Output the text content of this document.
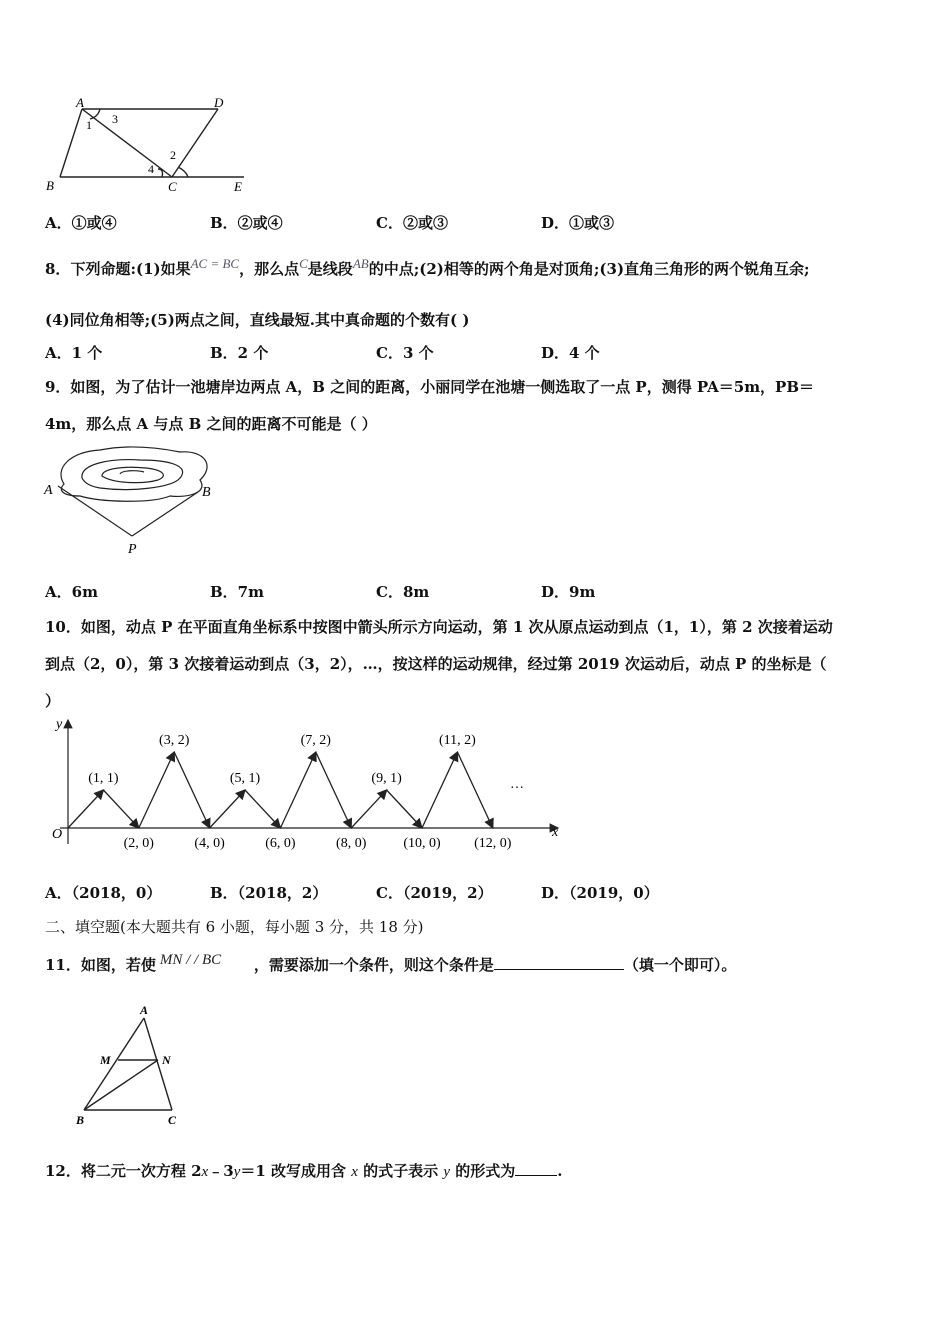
A	D
B	C	E
1 3
2
4
A．①或④	B．②或④	C．②或③	D．①或③
8．下列命题:(1)如果AC = BC，那么点C是线段AB的中点;(2)相等的两个角是对顶角;(3)直角三角形的两个锐角互余;
(4)同位角相等;(5)两点之间，直线最短.其中真命题的个数有( )
A．1 个	B．2 个	C．3 个	D．4 个
9．如图，为了估计一池塘岸边两点 A，B 之间的距离，小丽同学在池塘一侧选取了一点 P，测得 PA＝5m，PB＝
4m，那么点 A 与点 B 之间的距离不可能是（ ）
A	B
P
A．6m	B．7m	C．8m	D．9m
10．如图，动点 P 在平面直角坐标系中按图中箭头所示方向运动，第 1 次从原点运动到点（1，1），第 2 次接着运动
到点（2，0），第 3 次接着运动到点（3，2），…，按这样的运动规律，经过第 2019 次运动后，动点 P 的坐标是（
）
y
x
O
…
(1, 1)
(2, 0)
(3, 2)
(4, 0)
(5, 1)
(6, 0)
(7, 2)
(8, 0)
(9, 1)
(10, 0)
(11, 2)
(12, 0)
A．（2018，0）	B．（2018，2）	C．（2019，2）	D．（2019，0）
二、填空题(本大题共有 6 小题，每小题 3 分，共 18 分)
11．如图，若使 MN / / BC ，需要添加一个条件，则这个条件是	（填一个即可）。
A
M	N
B	C
12．将二元一次方程 2x﹣3y＝1 改写成用含 x 的式子表示 y 的形式为	.
